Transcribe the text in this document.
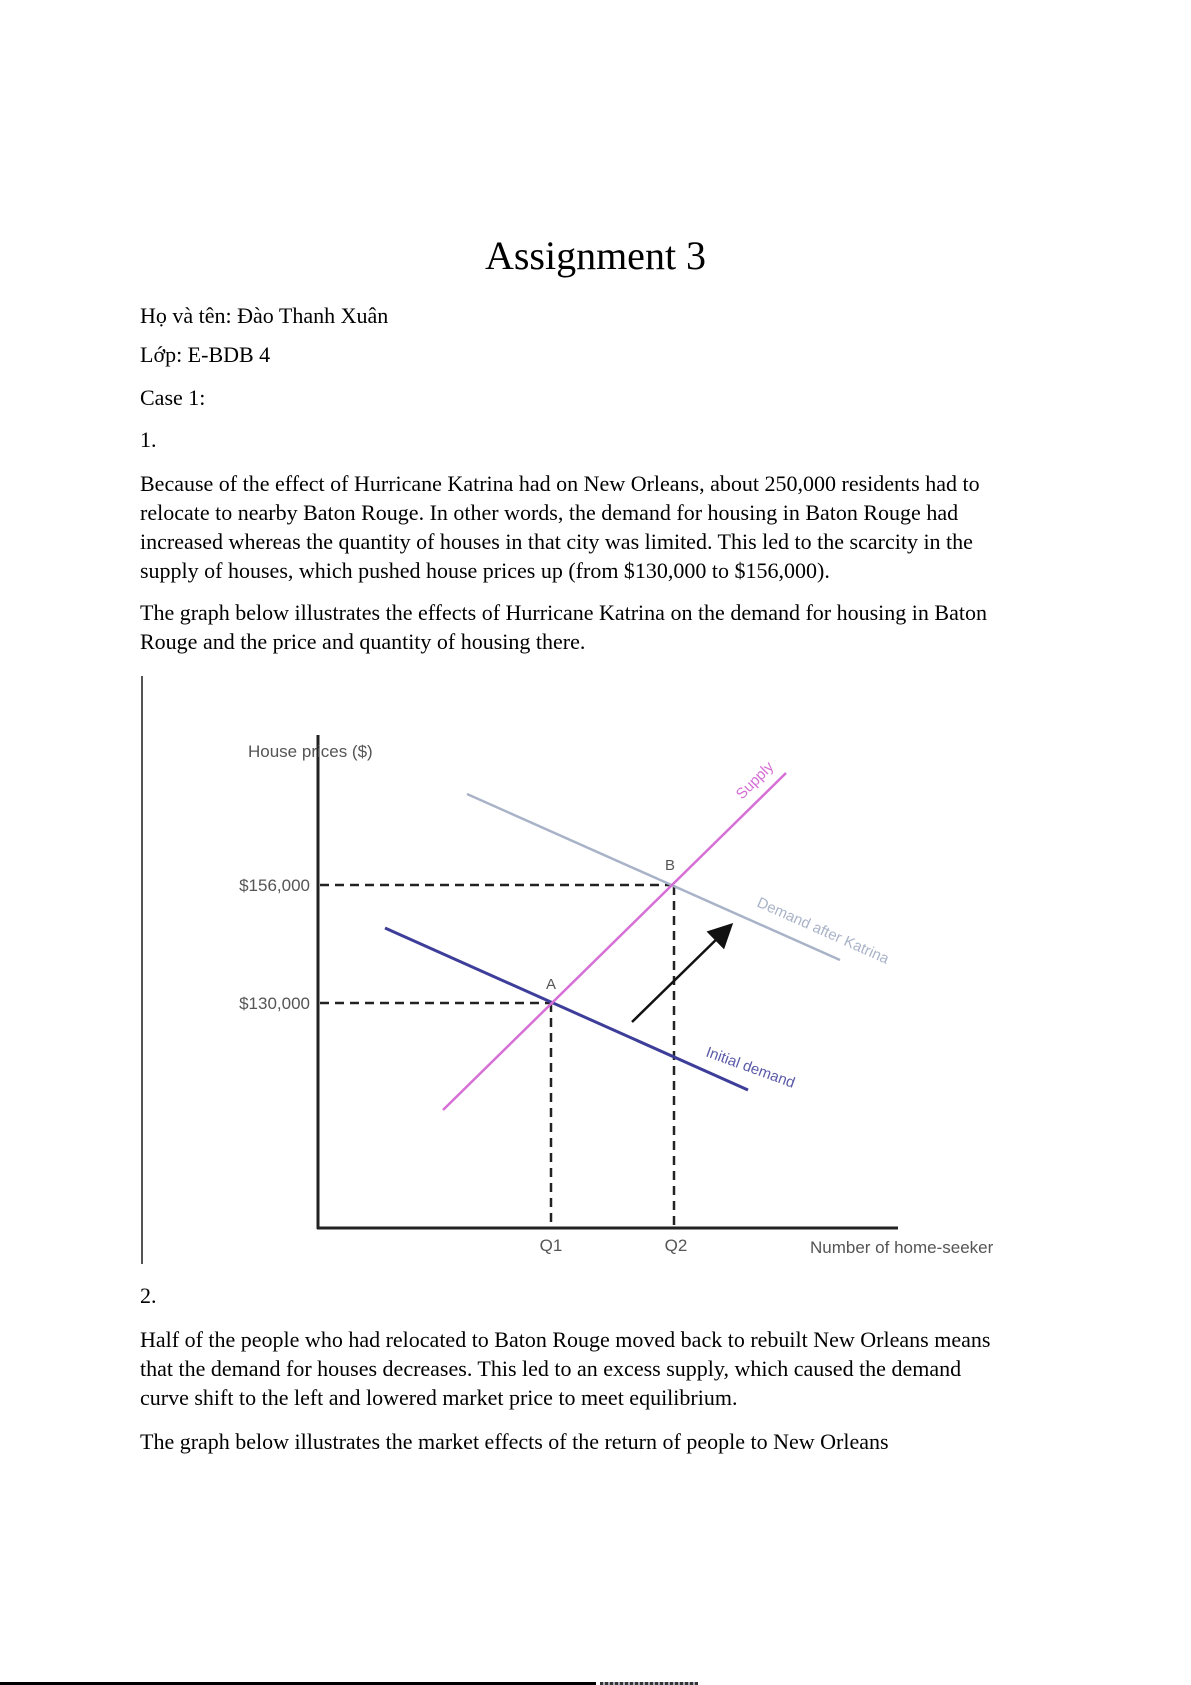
Assignment 3
Họ và tên: Đào Thanh Xuân
Lớp: E-BDB 4
Case 1:
1.
Because of the effect of Hurricane Katrina had on New Orleans, about 250,000 residents had to
relocate to nearby Baton Rouge. In other words, the demand for housing in Baton Rouge had
increased whereas the quantity of houses in that city was limited. This led to the scarcity in the
supply of houses, which pushed house prices up (from $130,000 to $156,000).
The graph below illustrates the effects of Hurricane Katrina on the demand for housing in Baton
Rouge and the price and quantity of housing there.
House prices ($)
$156,000
$130,000
Q1	Q2	Number of home-seeker
A
B
Supply
Demand after Katrina
Initial demand
2.
Half of the people who had relocated to Baton Rouge moved back to rebuilt New Orleans means
that the demand for houses decreases. This led to an excess supply, which caused the demand
curve shift to the left and lowered market price to meet equilibrium.
The graph below illustrates the market effects of the return of people to New Orleans
